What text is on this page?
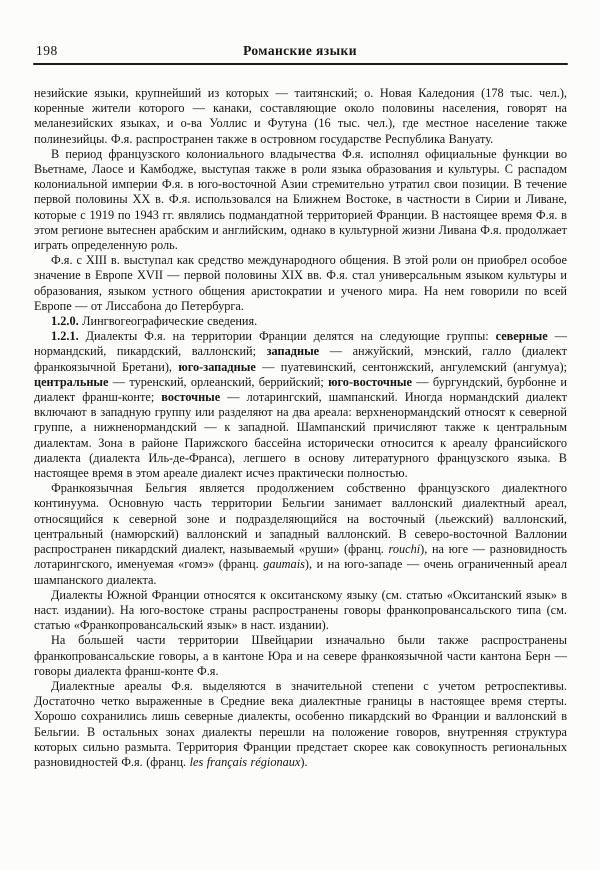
198	Романские языки

незийские языки, крупнейший из которых — таитянский; о. Новая Каледония (178 тыс. чел.), коренные жители которого — канаки, составляющие около половины населения, говорят на меланезийских языках, и о-ва Уоллис и Футуна (16 тыс. чел.), где местное население также полинезийцы. Ф.я. распространен также в островном государстве Республика Вануату.

В период французского колониального владычества Ф.я. исполнял официальные функции во Вьетнаме, Лаосе и Камбодже, выступая также в роли языка образования и культуры. С распадом колониальной империи Ф.я. в юго-восточной Азии стремительно утратил свои позиции. В течение первой половины XX в. Ф.я. использовался на Ближнем Востоке, в частности в Сирии и Ливане, которые с 1919 по 1943 гг. являлись подмандатной территорией Франции. В настоящее время Ф.я. в этом регионе вытеснен арабским и английским, однако в культурной жизни Ливана Ф.я. продолжает играть определенную роль.

Ф.я. с XIII в. выступал как средство международного общения. В этой роли он приобрел особое значение в Европе XVII — первой половины XIX вв. Ф.я. стал универсальным языком культуры и образования, языком устного общения аристократии и ученого мира. На нем говорили по всей Европе — от Лиссабона до Петербурга.

1.2.0. Лингвогеографические сведения.

1.2.1. Диалекты Ф.я. на территории Франции делятся на следующие группы: северные — нормандский, пикардский, валлонский; западные — анжуйский, мэнский, галло (диалект франкоязычной Бретани), юго-западные — пуатевинский, сентонжский, ангулемский (ангумуа); центральные — туренский, орлеанский, беррийский; юго-восточные — бургундский, бурбонне и диалект франш-конте; восточные — лотарингский, шампанский. Иногда нормандский диалект включают в западную группу или разделяют на два ареала: верхненормандский относят к северной группе, а нижненормандский — к западной. Шампанский причисляют также к центральным диалектам. Зона в районе Парижского бассейна исторически относится к ареалу франсийского диалекта (диалекта Иль-де-Франса), легшего в основу литературного французского языка. В настоящее время в этом ареале диалект исчез практически полностью.

Франкоязычная Бельгия является продолжением собственно французского диалектного континуума. Основную часть территории Бельгии занимает валлонский диалектный ареал, относящийся к северной зоне и подразделяющийся на восточный (льежский) валлонский, центральный (намюрский) валлонский и западный валлонский. В северо-восточной Валлонии распространен пикардский диалект, называемый «руши» (франц. rouchi), на юге — разновидность лотарингского, именуемая «гомэ» (франц. gaumais), и на юго-западе — очень ограниченный ареал шампанского диалекта.

Диалекты Южной Франции относятся к окситанскому языку (см. статью «Окситанский язык» в наст. издании). На юго-востоке страны распространены говоры франкопровансальского типа (см. статью «Франкопровансальский язык» в наст. издании).

На бо́льшей части территории Швейцарии изначально были также распространены франкопровансальские говоры, а в кантоне Юра и на севере франкоязычной части кантона Берн — говоры диалекта франш-конте Ф.я.

Диалектные ареалы Ф.я. выделяются в значительной степени с учетом ретроспективы. Достаточно четко выраженные в Средние века диалектные границы в настоящее время стерты. Хорошо сохранились лишь северные диалекты, особенно пикардский во Франции и валлонский в Бельгии. В остальных зонах диалекты перешли на положение говоров, внутренняя структура которых сильно размыта. Территория Франции предстает скорее как совокупность региональных разновидностей Ф.я. (франц. les français régionaux).
